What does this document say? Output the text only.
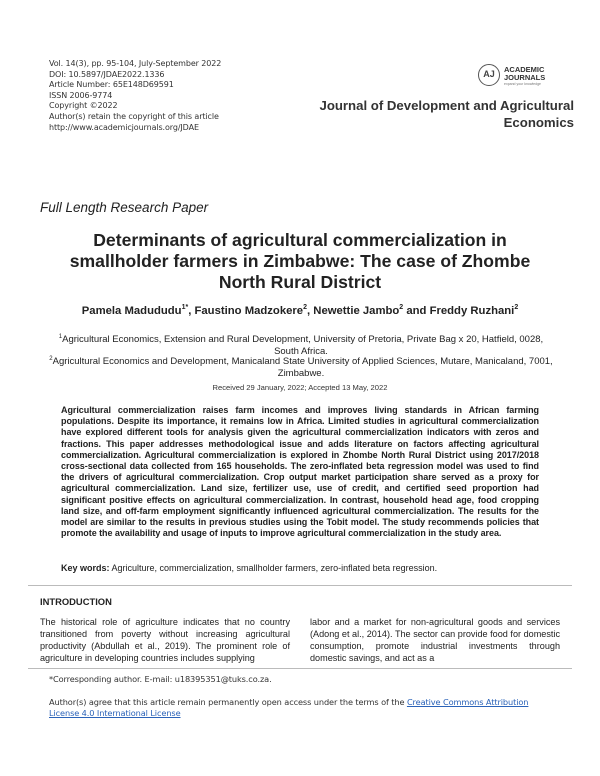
Vol. 14(3), pp. 95-104, July-September 2022
DOI: 10.5897/JDAE2022.1336
Article Number: 65E148D69591
ISSN 2006-9774
Copyright ©2022
Author(s) retain the copyright of this article
http://www.academicjournals.org/JDAE
AJ	ACADEMIC
JOURNALS
expand your knowledge
Journal of Development and Agricultural
Economics
Full Length Research Paper
Determinants of agricultural commercialization in
smallholder farmers in Zimbabwe: The case of Zhombe
North Rural District
Pamela Madududu$^{1*}$, Faustino Madzokere$^2$, Newettie Jambo$^2$ and Freddy Ruzhani$^2$
$^1$Agricultural Economics, Extension and Rural Development, University of Pretoria, Private Bag x 20, Hatfield, 0028,
South Africa.
$^2$Agricultural Economics and Development, Manicaland State University of Applied Sciences, Mutare, Manicaland, 7001,
Zimbabwe.
Received 29 January, 2022; Accepted 13 May, 2022
Agricultural commercialization raises farm incomes and improves living standards in African farming populations. Despite its importance, it remains low in Africa. Limited studies in agricultural commercialization have explored different tools for analysis given the agricultural commercialization indicators with zeros and fractions. This paper addresses methodological issue and adds literature on factors affecting agricultural commercialization. Agricultural commercialization is explored in Zhombe North Rural District using 2017/2018 cross-sectional data collected from 165 households. The zero-inflated beta regression model was used to find the drivers of agricultural commercialization. Crop output market participation share served as a proxy for agricultural commercialization. Land size, fertilizer use, use of credit, and certified seed proportion had significant positive effects on agricultural commercialization. In contrast, household head age, food cropping land size, and off-farm employment significantly influenced agricultural commercialization. The results for the model are similar to the results in previous studies using the Tobit model. The study recommends policies that promote the availability and usage of inputs to improve agricultural commercialization in the study area.
Key words: Agriculture, commercialization, smallholder farmers, zero-inflated beta regression.
INTRODUCTION
The historical role of agriculture indicates that no country transitioned from poverty without increasing agricultural productivity (Abdullah et al., 2019). The prominent role of agriculture in developing countries includes supplying
labor and a market for non-agricultural goods and services (Adong et al., 2014). The sector can provide food for domestic consumption, promote industrial investments through domestic savings, and act as a
*Corresponding author. E-mail: u18395351@tuks.co.za.
Author(s) agree that this article remain permanently open access under the terms of the Creative Commons Attribution
License 4.0 International License
